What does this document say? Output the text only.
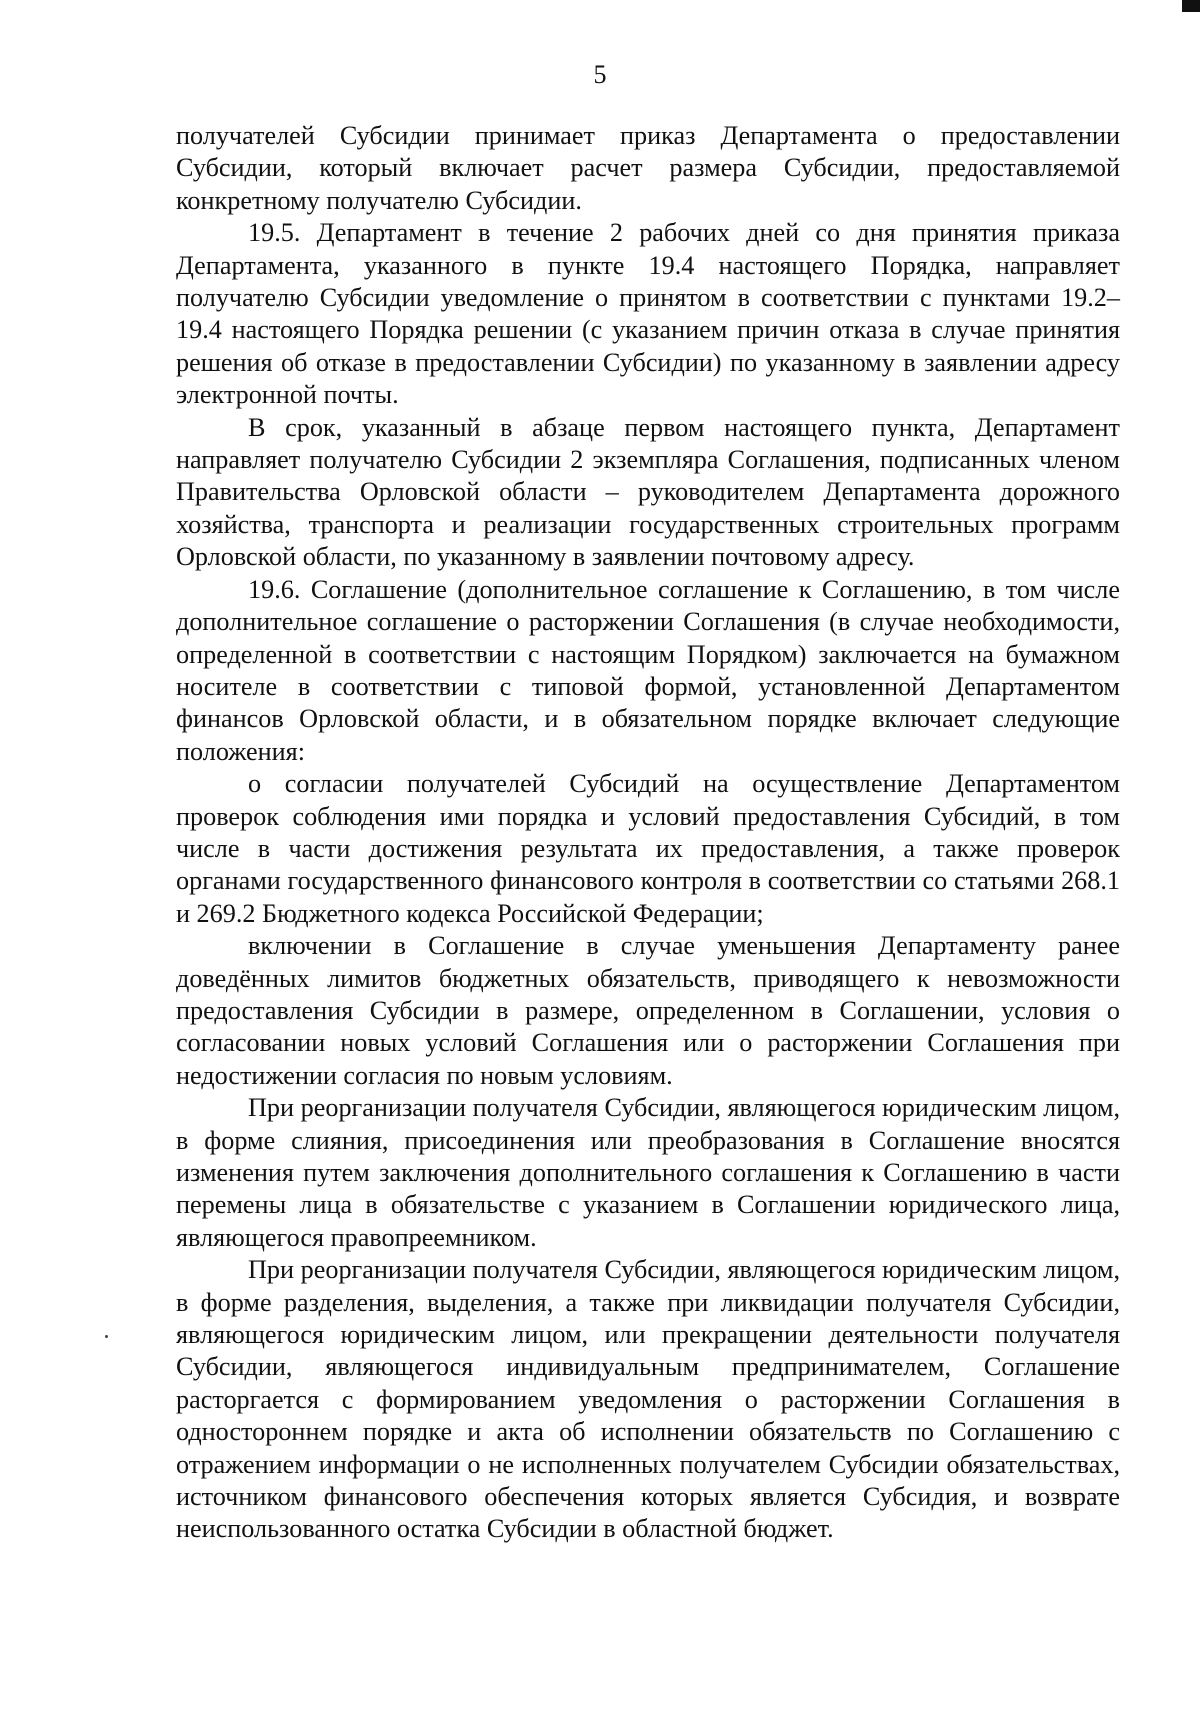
5

получателей Субсидии принимает приказ Департамента о предоставлении Субсидии, который включает расчет размера Субсидии, предоставляемой конкретному получателю Субсидии.

19.5. Департамент в течение 2 рабочих дней со дня принятия приказа Департамента, указанного в пункте 19.4 настоящего Порядка, направляет получателю Субсидии уведомление о принятом в соответствии с пунктами 19.2–19.4 настоящего Порядка решении (с указанием причин отказа в случае принятия решения об отказе в предоставлении Субсидии) по указанному в заявлении адресу электронной почты.

В срок, указанный в абзаце первом настоящего пункта, Департамент направляет получателю Субсидии 2 экземпляра Соглашения, подписанных членом Правительства Орловской области – руководителем Департамента дорожного хозяйства, транспорта и реализации государственных строительных программ Орловской области, по указанному в заявлении почтовому адресу.

19.6. Соглашение (дополнительное соглашение к Соглашению, в том числе дополнительное соглашение о расторжении Соглашения (в случае необходимости, определенной в соответствии с настоящим Порядком) заключается на бумажном носителе в соответствии с типовой формой, установленной Департаментом финансов Орловской области, и в обязательном порядке включает следующие положения:

о согласии получателей Субсидий на осуществление Департаментом проверок соблюдения ими порядка и условий предоставления Субсидий, в том числе в части достижения результата их предоставления, а также проверок органами государственного финансового контроля в соответствии со статьями 268.1 и 269.2 Бюджетного кодекса Российской Федерации;

включении в Соглашение в случае уменьшения Департаменту ранее доведённых лимитов бюджетных обязательств, приводящего к невозможности предоставления Субсидии в размере, определенном в Соглашении, условия о согласовании новых условий Соглашения или о расторжении Соглашения при недостижении согласия по новым условиям.

При реорганизации получателя Субсидии, являющегося юридическим лицом, в форме слияния, присоединения или преобразования в Соглашение вносятся изменения путем заключения дополнительного соглашения к Соглашению в части перемены лица в обязательстве с указанием в Соглашении юридического лица, являющегося правопреемником.

При реорганизации получателя Субсидии, являющегося юридическим лицом, в форме разделения, выделения, а также при ликвидации получателя Субсидии, являющегося юридическим лицом, или прекращении деятельности получателя Субсидии, являющегося индивидуальным предпринимателем, Соглашение расторгается с формированием уведомления о расторжении Соглашения в одностороннем порядке и акта об исполнении обязательств по Соглашению с отражением информации о не исполненных получателем Субсидии обязательствах, источником финансового обеспечения которых является Субсидия, и возврате неиспользованного остатка Субсидии в областной бюджет.
